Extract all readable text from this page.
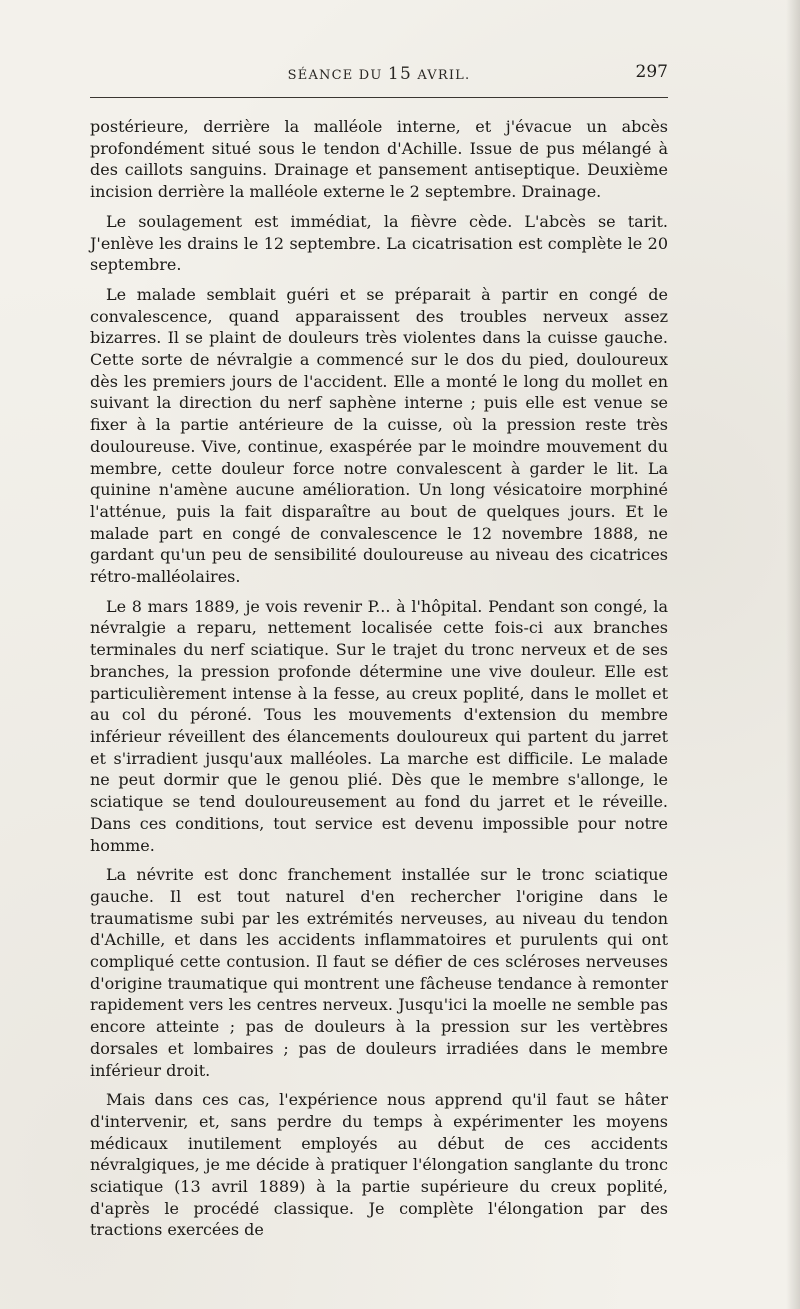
SÉANCE DU 15 AVRIL.	297

postérieure, derrière la malléole interne, et j'évacue un abcès profondément situé sous le tendon d'Achille. Issue de pus mélangé à des caillots sanguins. Drainage et pansement antiseptique. Deuxième incision derrière la malléole externe le 2 septembre. Drainage.

Le soulagement est immédiat, la fièvre cède. L'abcès se tarit. J'enlève les drains le 12 septembre. La cicatrisation est complète le 20 septembre.

Le malade semblait guéri et se préparait à partir en congé de convalescence, quand apparaissent des troubles nerveux assez bizarres. Il se plaint de douleurs très violentes dans la cuisse gauche. Cette sorte de névralgie a commencé sur le dos du pied, douloureux dès les premiers jours de l'accident. Elle a monté le long du mollet en suivant la direction du nerf saphène interne ; puis elle est venue se fixer à la partie antérieure de la cuisse, où la pression reste très douloureuse. Vive, continue, exaspérée par le moindre mouvement du membre, cette douleur force notre convalescent à garder le lit. La quinine n'amène aucune amélioration. Un long vésicatoire morphiné l'atténue, puis la fait disparaître au bout de quelques jours. Et le malade part en congé de convalescence le 12 novembre 1888, ne gardant qu'un peu de sensibilité douloureuse au niveau des cicatrices rétro-malléolaires.

Le 8 mars 1889, je vois revenir P... à l'hôpital. Pendant son congé, la névralgie a reparu, nettement localisée cette fois-ci aux branches terminales du nerf sciatique. Sur le trajet du tronc nerveux et de ses branches, la pression profonde détermine une vive douleur. Elle est particulièrement intense à la fesse, au creux poplité, dans le mollet et au col du péroné. Tous les mouvements d'extension du membre inférieur réveillent des élancements douloureux qui partent du jarret et s'irradient jusqu'aux malléoles. La marche est difficile. Le malade ne peut dormir que le genou plié. Dès que le membre s'allonge, le sciatique se tend douloureusement au fond du jarret et le réveille. Dans ces conditions, tout service est devenu impossible pour notre homme.

La névrite est donc franchement installée sur le tronc sciatique gauche. Il est tout naturel d'en rechercher l'origine dans le traumatisme subi par les extrémités nerveuses, au niveau du tendon d'Achille, et dans les accidents inflammatoires et purulents qui ont compliqué cette contusion. Il faut se défier de ces scléroses nerveuses d'origine traumatique qui montrent une fâcheuse tendance à remonter rapidement vers les centres nerveux. Jusqu'ici la moelle ne semble pas encore atteinte ; pas de douleurs à la pression sur les vertèbres dorsales et lombaires ; pas de douleurs irradiées dans le membre inférieur droit.

Mais dans ces cas, l'expérience nous apprend qu'il faut se hâter d'intervenir, et, sans perdre du temps à expérimenter les moyens médicaux inutilement employés au début de ces accidents névralgiques, je me décide à pratiquer l'élongation sanglante du tronc sciatique (13 avril 1889) à la partie supérieure du creux poplité, d'après le procédé classique. Je complète l'élongation par des tractions exercées de
